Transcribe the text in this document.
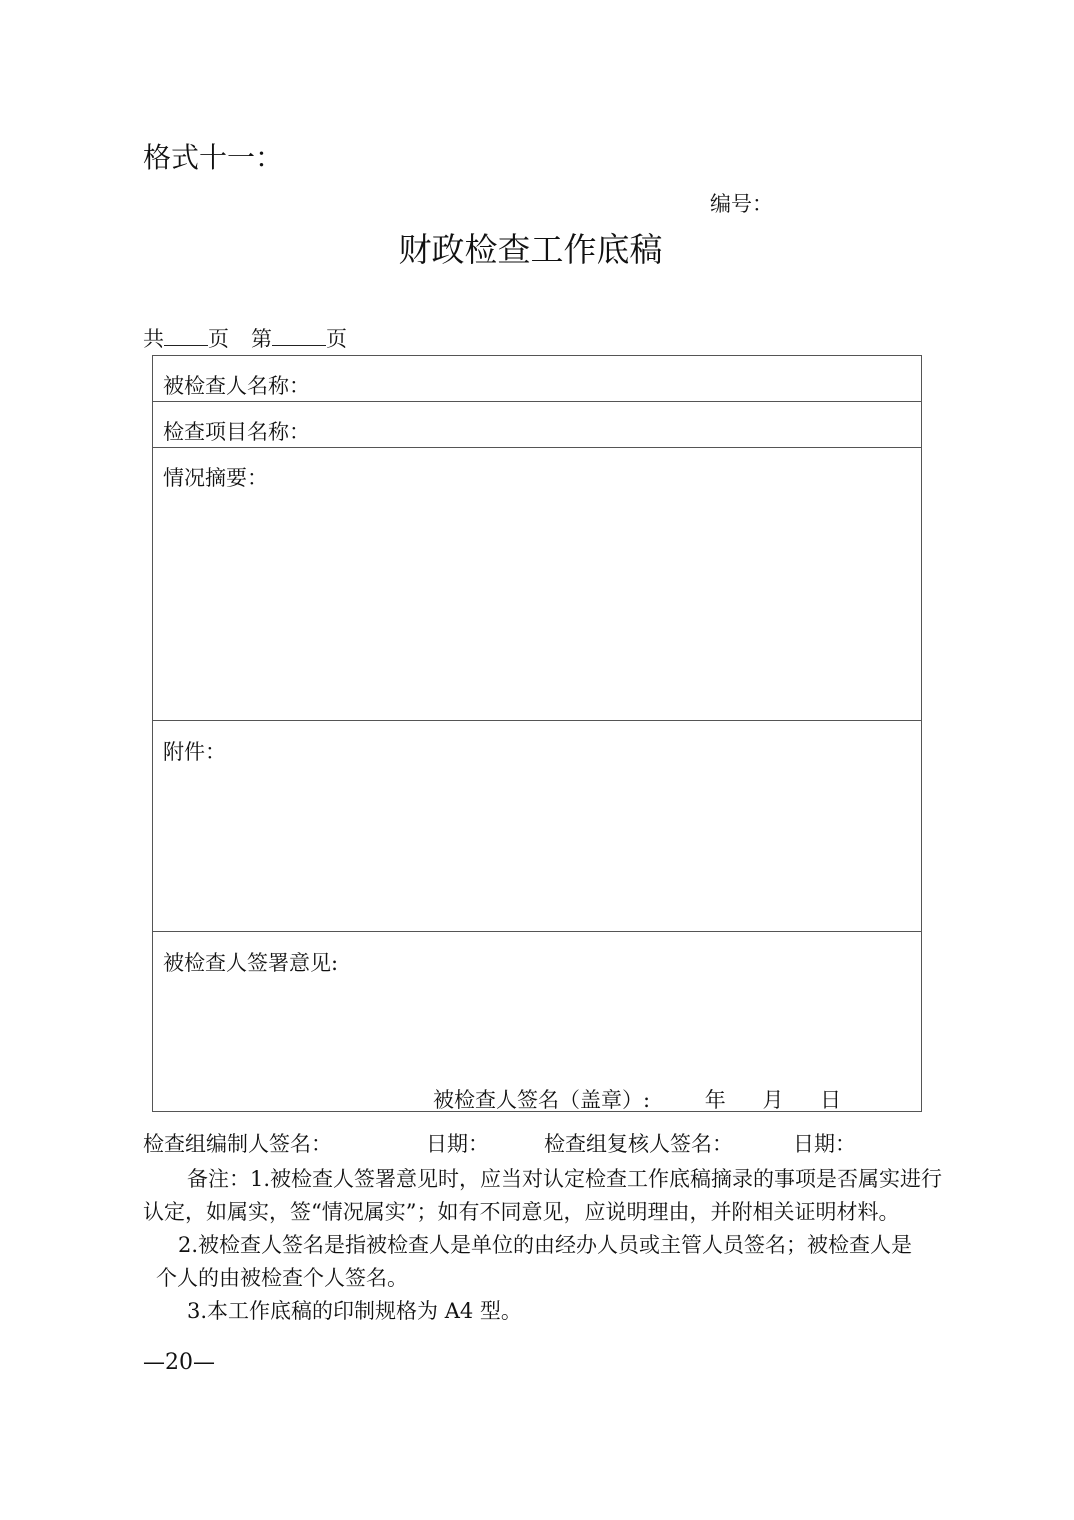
格式十一：
编号：
财政检查工作底稿
共 页 第	页
被检查人名称：
检查项目名称：
情况摘要：
附件：
被检查人签署意见:
被检查人签名（盖章）:	年 月 日
检查组编制人签名：	日期：	检查组复核人签名：	日期：
备注：1.被检查人签署意见时，应当对认定检查工作底稿摘录的事项是否属实进行
认定，如属实，签“情况属实”；如有不同意见，应说明理由，并附相关证明材料。
2.被检查人签名是指被检查人是单位的由经办人员或主管人员签名；被检查人是
个人的由被检查个人签名。
3.本工作底稿的印制规格为 A4 型。
—20—
